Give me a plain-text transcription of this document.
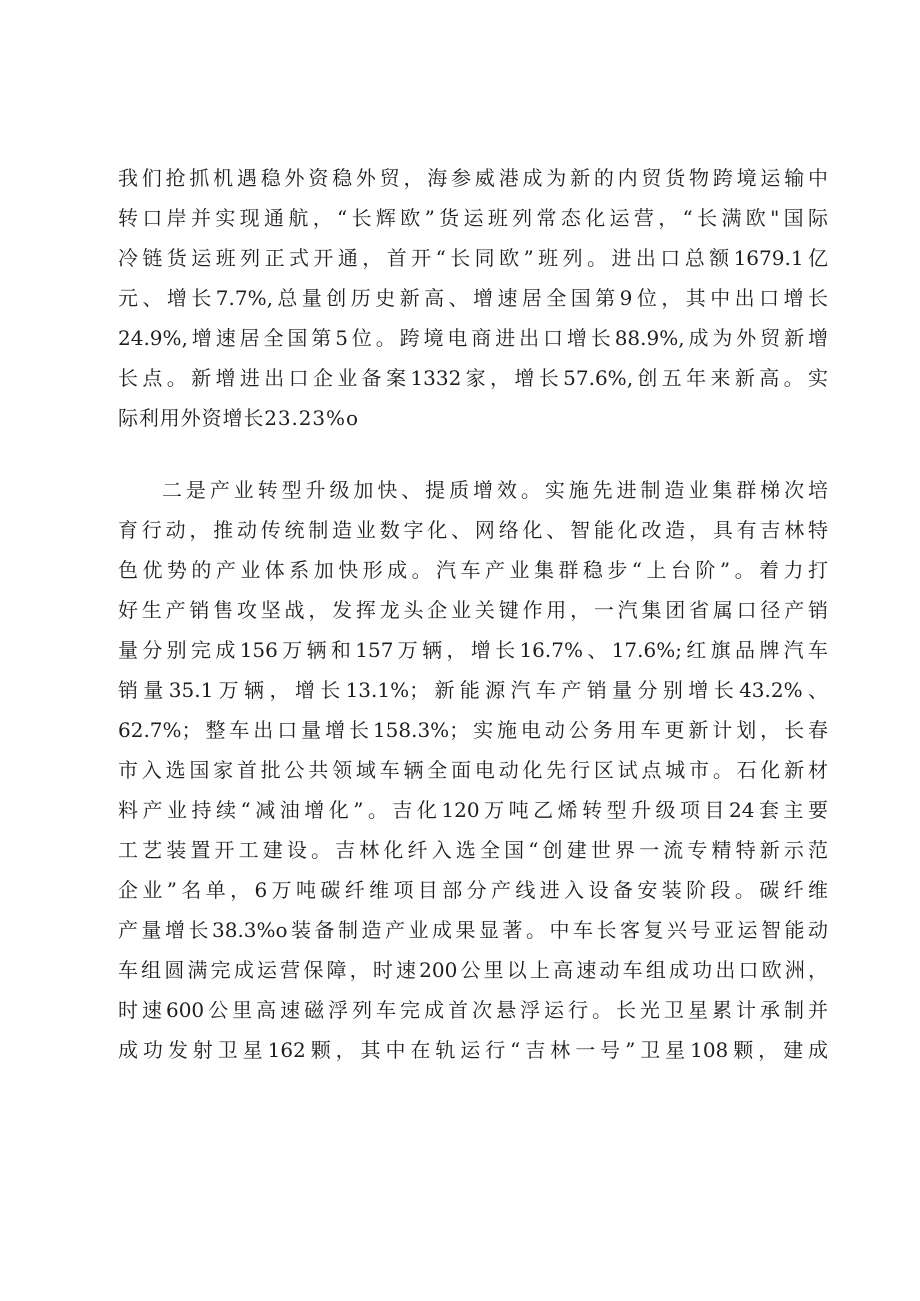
我们抢抓机遇稳外资稳外贸，海参威港成为新的内贸货物跨境运输中
转口岸并实现通航，“长辉欧”货运班列常态化运营，“长满欧"国际
冷链货运班列正式开通，首开“长同欧”班列。进出口总额1679.1亿
元、增长7.7%,总量创历史新高、增速居全国第9位，其中出口增长
24.9%,增速居全国第5位。跨境电商进出口增长88.9%,成为外贸新增
长点。新增进出口企业备案1332家，增长57.6%,创五年来新高。实
际利用外资增长23.23%o
二是产业转型升级加快、提质增效。实施先进制造业集群梯次培
育行动，推动传统制造业数字化、网络化、智能化改造，具有吉林特
色优势的产业体系加快形成。汽车产业集群稳步“上台阶”。着力打
好生产销售攻坚战，发挥龙头企业关键作用，一汽集团省属口径产销
量分别完成156万辆和157万辆，增长16.7%、17.6%;红旗品牌汽车
销量35.1万辆，增长13.1%；新能源汽车产销量分别增长43.2%、
62.7%；整车出口量增长158.3%；实施电动公务用车更新计划，长春
市入选国家首批公共领域车辆全面电动化先行区试点城市。石化新材
料产业持续“减油增化”。吉化120万吨乙烯转型升级项目24套主要
工艺装置开工建设。吉林化纤入选全国“创建世界一流专精特新示范
企业”名单，6万吨碳纤维项目部分产线进入设备安装阶段。碳纤维
产量增长38.3%o装备制造产业成果显著。中车长客复兴号亚运智能动
车组圆满完成运营保障，时速200公里以上高速动车组成功出口欧洲，
时速600公里高速磁浮列车完成首次悬浮运行。长光卫星累计承制并
成功发射卫星162颗，其中在轨运行“吉林一号”卫星108颗，建成
